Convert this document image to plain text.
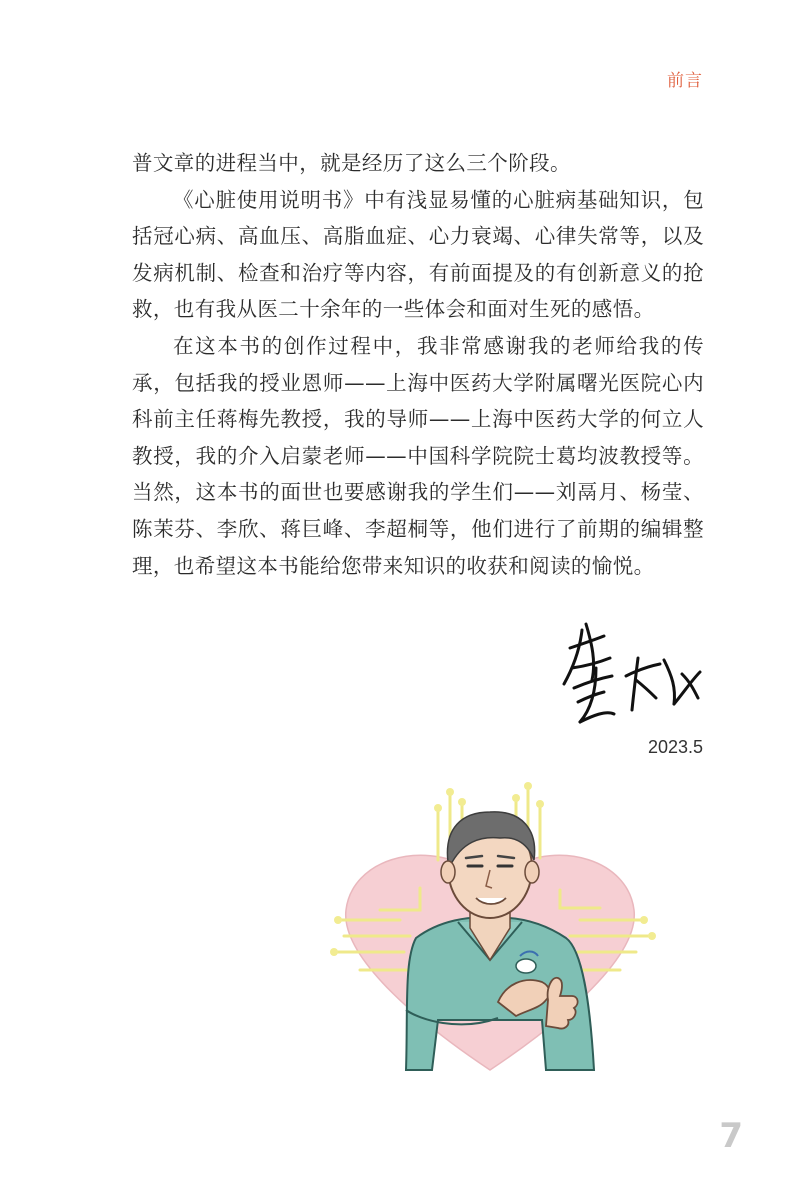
前言

普文章的进程当中，就是经历了这么三个阶段。

《心脏使用说明书》中有浅显易懂的心脏病基础知识，包括冠心病、高血压、高脂血症、心力衰竭、心律失常等，以及发病机制、检查和治疗等内容，有前面提及的有创新意义的抢救，也有我从医二十余年的一些体会和面对生死的感悟。

在这本书的创作过程中，我非常感谢我的老师给我的传承，包括我的授业恩师——上海中医药大学附属曙光医院心内科前主任蒋梅先教授，我的导师——上海中医药大学的何立人教授，我的介入启蒙老师——中国科学院院士葛均波教授等。当然，这本书的面世也要感谢我的学生们——刘鬲月、杨莹、陈茉芬、李欣、蒋巨峰、李超桐等，他们进行了前期的编辑整理，也希望这本书能给您带来知识的收获和阅读的愉悦。

2023.5
7
